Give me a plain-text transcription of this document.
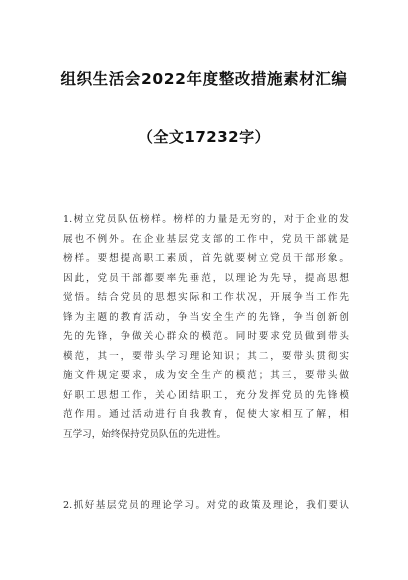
组织生活会2022年度整改措施素材汇编
（全文17232字）
1.树立党员队伍榜样。榜样的力量是无穷的，对于企业的发
展也不例外。在企业基层党支部的工作中，党员干部就是
榜样。要想提高职工素质，首先就要树立党员干部形象。
因此，党员干部都要率先垂范，以理论为先导，提高思想
觉悟。结合党员的思想实际和工作状况，开展争当工作先
锋为主题的教育活动，争当安全生产的先锋，争当创新创
先的先锋，争做关心群众的模范。同时要求党员做到带头
模范，其一，要带头学习理论知识；其二，要带头贯彻实
施文件规定要求，成为安全生产的模范；其三，要带头做
好职工思想工作，关心团结职工，充分发挥党员的先锋模
范作用。通过活动进行自我教育，促使大家相互了解，相
互学习，始终保持党员队伍的先进性。
2.抓好基层党员的理论学习。对党的政策及理论，我们要认
